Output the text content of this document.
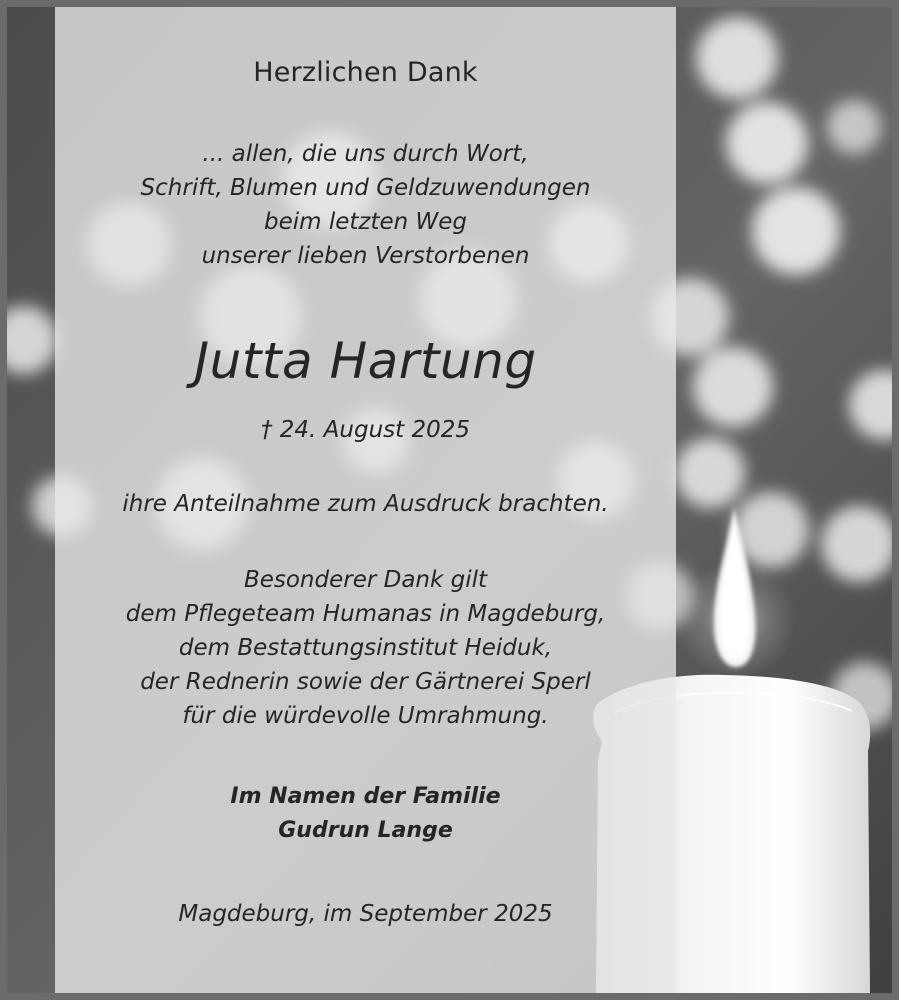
Herzlichen Dank
... allen, die uns durch Wort,
Schrift, Blumen und Geldzuwendungen
beim letzten Weg
unserer lieben Verstorbenen
Jutta Hartung
† 24. August 2025
ihre Anteilnahme zum Ausdruck brachten.
Besonderer Dank gilt
dem Pflegeteam Humanas in Magdeburg,
dem Bestattungsinstitut Heiduk,
der Rednerin sowie der Gärtnerei Sperl
für die würdevolle Umrahmung.
Im Namen der Familie
Gudrun Lange
Magdeburg, im September 2025
